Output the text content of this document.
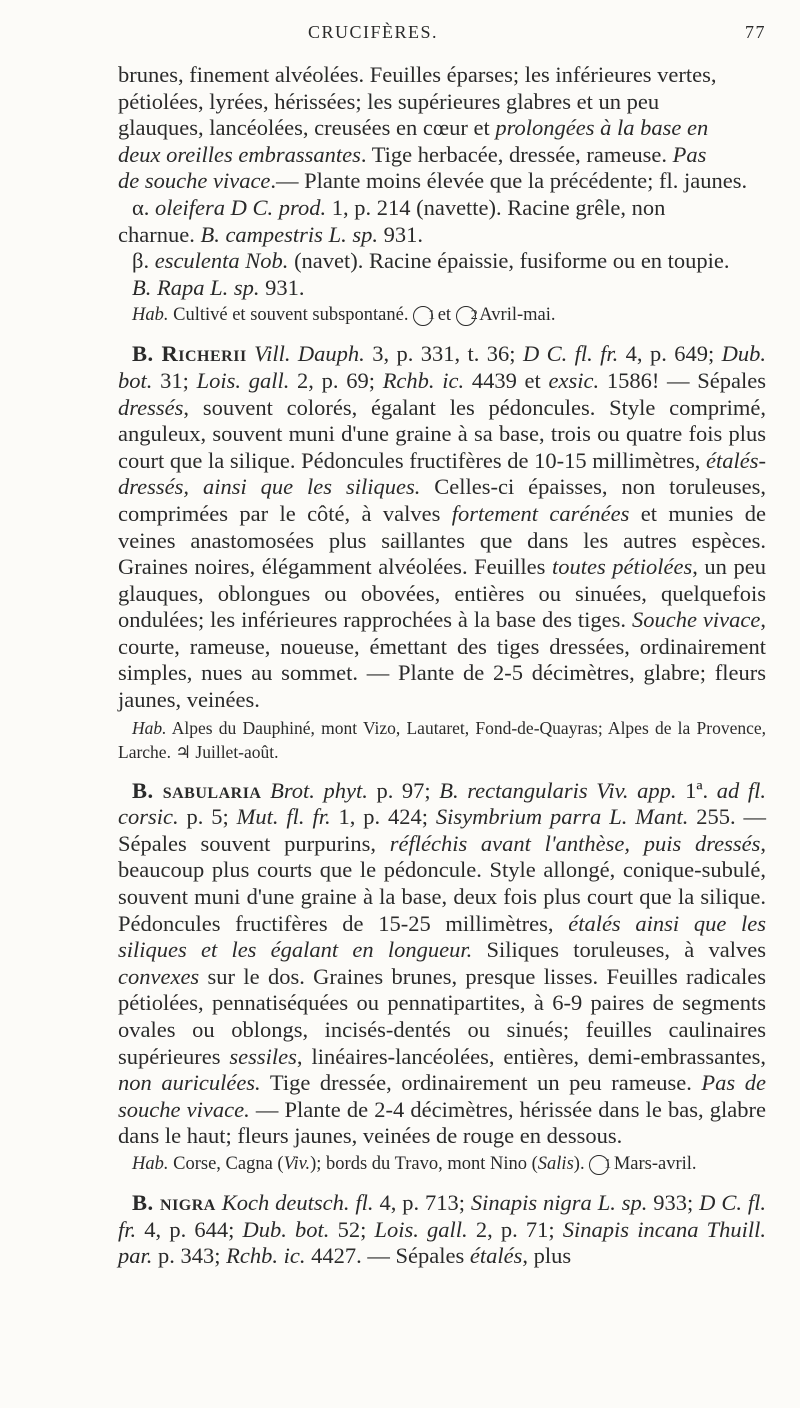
CRUCIFÈRES.	77

brunes, finement alvéolées. Feuilles éparses; les inférieures vertes,

pétiolées, lyrées, hérissées; les supérieures glabres et un peu

glauques, lancéolées, creusées en cœur et prolongées à la base en

deux oreilles embrassantes. Tige herbacée, dressée, rameuse. Pas

de souche vivace.— Plante moins élevée que la précédente; fl. jaunes.

α. oleifera D C. prod. 1, p. 214 (navette). Racine grêle, non

charnue. B. campestris L. sp. 931.

β. esculenta Nob. (navet). Racine épaissie, fusiforme ou en toupie.

B. Rapa L. sp. 931.

Hab. Cultivé et souvent subspontané. 1 et 2 Avril-mai.

B. Richerii Vill. Dauph. 3, p. 331, t. 36; D C. fl. fr. 4, p. 649; Dub. bot. 31; Lois. gall. 2, p. 69; Rchb. ic. 4439 et exsic. 1586! — Sépales dressés, souvent colorés, égalant les pédoncules. Style comprimé, anguleux, souvent muni d'une graine à sa base, trois ou quatre fois plus court que la silique. Pédoncules fructifères de 10-15 millimètres, étalés-dressés, ainsi que les siliques. Celles-ci épaisses, non toruleuses, comprimées par le côté, à valves fortement carénées et munies de veines anastomosées plus saillantes que dans les autres espèces. Graines noires, élégamment alvéolées. Feuilles toutes pétiolées, un peu glauques, oblongues ou obovées, entières ou sinuées, quelquefois ondulées; les inférieures rapprochées à la base des tiges. Souche vivace, courte, rameuse, noueuse, émettant des tiges dressées, ordinairement simples, nues au sommet. — Plante de 2-5 décimètres, glabre; fleurs jaunes, veinées.

Hab. Alpes du Dauphiné, mont Vizo, Lautaret, Fond-de-Quayras; Alpes de la Provence, Larche. ♃ Juillet-août.

B. sabularia Brot. phyt. p. 97; B. rectangularis Viv. app. 1ª. ad fl. corsic. p. 5; Mut. fl. fr. 1, p. 424; Sisymbrium parra L. Mant. 255. — Sépales souvent purpurins, réfléchis avant l'anthèse, puis dressés, beaucoup plus courts que le pédoncule. Style allongé, conique-subulé, souvent muni d'une graine à la base, deux fois plus court que la silique. Pédoncules fructifères de 15-25 millimètres, étalés ainsi que les siliques et les égalant en longueur. Siliques toruleuses, à valves convexes sur le dos. Graines brunes, presque lisses. Feuilles radicales pétiolées, pennatiséquées ou pennatipartites, à 6-9 paires de segments ovales ou oblongs, incisés-dentés ou sinués; feuilles caulinaires supérieures sessiles, linéaires-lancéolées, entières, demi-embrassantes, non auriculées. Tige dressée, ordinairement un peu rameuse. Pas de souche vivace. — Plante de 2-4 décimètres, hérissée dans le bas, glabre dans le haut; fleurs jaunes, veinées de rouge en dessous.

Hab. Corse, Cagna (Viv.); bords du Travo, mont Nino (Salis). 1 Mars-avril.

B. nigra Koch deutsch. fl. 4, p. 713; Sinapis nigra L. sp. 933; D C. fl. fr. 4, p. 644; Dub. bot. 52; Lois. gall. 2, p. 71; Sinapis incana Thuill. par. p. 343; Rchb. ic. 4427. — Sépales étalés, plus
